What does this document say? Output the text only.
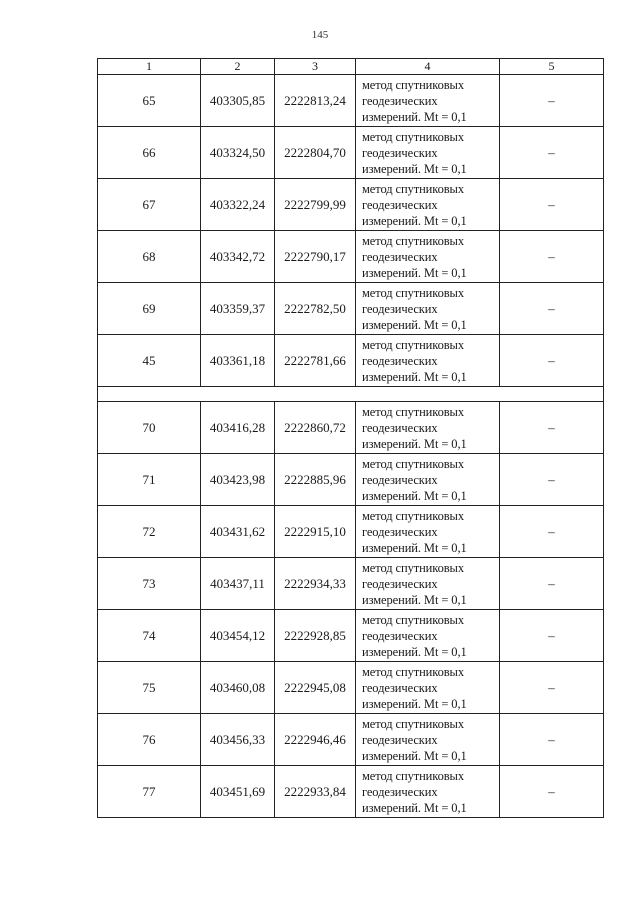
145
1	2	3	4	5
65	403305,85	2222813,24	метод спутниковых
геодезических
измерений. Mt = 0,1	–
66	403324,50	2222804,70	метод спутниковых
геодезических
измерений. Mt = 0,1	–
67	403322,24	2222799,99	метод спутниковых
геодезических
измерений. Mt = 0,1	–
68	403342,72	2222790,17	метод спутниковых
геодезических
измерений. Mt = 0,1	–
69	403359,37	2222782,50	метод спутниковых
геодезических
измерений. Mt = 0,1	–
45	403361,18	2222781,66	метод спутниковых
геодезических
измерений. Mt = 0,1	–

70	403416,28	2222860,72	метод спутниковых
геодезических
измерений. Mt = 0,1	–
71	403423,98	2222885,96	метод спутниковых
геодезических
измерений. Mt = 0,1	–
72	403431,62	2222915,10	метод спутниковых
геодезических
измерений. Mt = 0,1	–
73	403437,11	2222934,33	метод спутниковых
геодезических
измерений. Mt = 0,1	–
74	403454,12	2222928,85	метод спутниковых
геодезических
измерений. Mt = 0,1	–
75	403460,08	2222945,08	метод спутниковых
геодезических
измерений. Mt = 0,1	–
76	403456,33	2222946,46	метод спутниковых
геодезических
измерений. Mt = 0,1	–
77	403451,69	2222933,84	метод спутниковых
геодезических
измерений. Mt = 0,1	–
